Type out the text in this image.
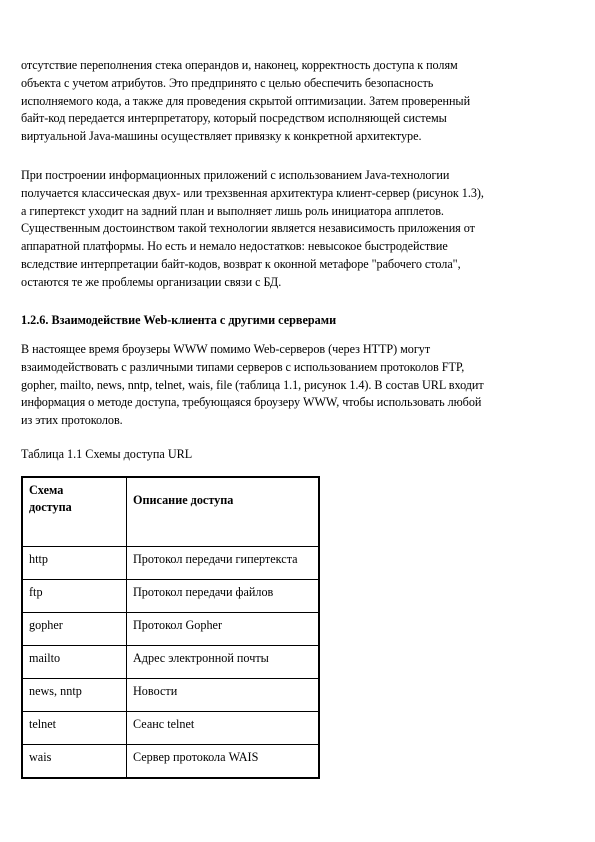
отсутствие переполнения стека операндов и, наконец, корректность доступа к полям
объекта с учетом атрибутов. Это предпринято с целью обеспечить безопасность
исполняемого кода, а также для проведения скрытой оптимизации. Затем проверенный
байт-код передается интерпретатору, который посредством исполняющей системы
виртуальной Java-машины осуществляет привязку к конкретной архитектуре.

При построении информационных приложений с использованием Java-технологии
получается классическая двух- или трехзвенная архитектура клиент-сервер (рисунок 1.3),
а гипертекст уходит на задний план и выполняет лишь роль инициатора апплетов.
Существенным достоинством такой технологии является независимость приложения от
аппаратной платформы. Но есть и немало недостатков: невысокое быстродействие
вследствие интерпретации байт-кодов, возврат к оконной метафоре "рабочего стола",
остаются те же проблемы организации связи с БД.

1.2.6. Взаимодействие Web-клиента с другими серверами

В настоящее время броузеры WWW помимо Web-серверов (через HTTP) могут
взаимодействовать с различными типами серверов с использованием протоколов FTP,
gopher, mailto, news, nntp, telnet, wais, file (таблица 1.1, рисунок 1.4). В состав URL входит
информация о методе доступа, требующаяся броузеру WWW, чтобы использовать любой
из этих протоколов.

Таблица 1.1 Схемы доступа URL

Схема
доступа	Описание доступа
http	Протокол передачи гипертекста
ftp	Протокол передачи файлов
gopher	Протокол Gopher
mailto	Адрес электронной почты
news, nntp	Новости
telnet	Сеанс telnet
wais	Сервер протокола WAIS
